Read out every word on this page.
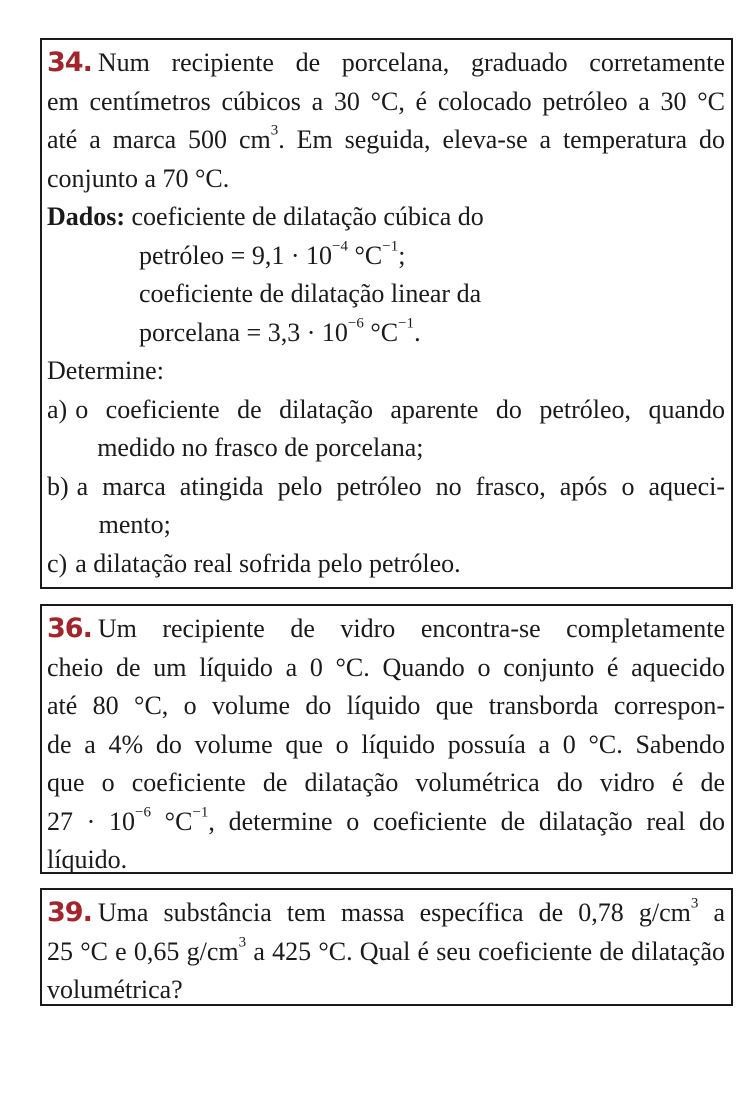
34. Num recipiente de porcelana, graduado corretamente

em centímetros cúbicos a 30 °C, é colocado petróleo a 30 °C

até a marca 500 $cm^3$. Em seguida, eleva-se a temperatura do

conjunto a 70 °C.

Dados: coeficiente de dilatação cúbica do

petróleo = $9,1 \cdot 10^{-4}$ $^\circ C^{-1}$;

coeficiente de dilatação linear da

porcelana = $3,3 \cdot 10^{-6}$ $^\circ C^{-1}$.

Determine:

a) o coeficiente de dilatação aparente do petróleo, quando

medido no frasco de porcelana;

b) a marca atingida pelo petróleo no frasco, após o aqueci-

mento;

c) a dilatação real sofrida pelo petróleo.

36. Um recipiente de vidro encontra-se completamente

cheio de um líquido a 0 °C. Quando o conjunto é aquecido

até 80 °C, o volume do líquido que transborda correspon-

de a 4% do volume que o líquido possuía a 0 °C. Sabendo

que o coeficiente de dilatação volumétrica do vidro é de

$27 \cdot 10^{-6}$ $^\circ C^{-1}$, determine o coeficiente de dilatação real do

líquido.

39. Uma substância tem massa específica de 0,78 $g/cm^3$ a

25 °C e 0,65 $g/cm^3$ a 425 °C. Qual é seu coeficiente de dilatação

volumétrica?
